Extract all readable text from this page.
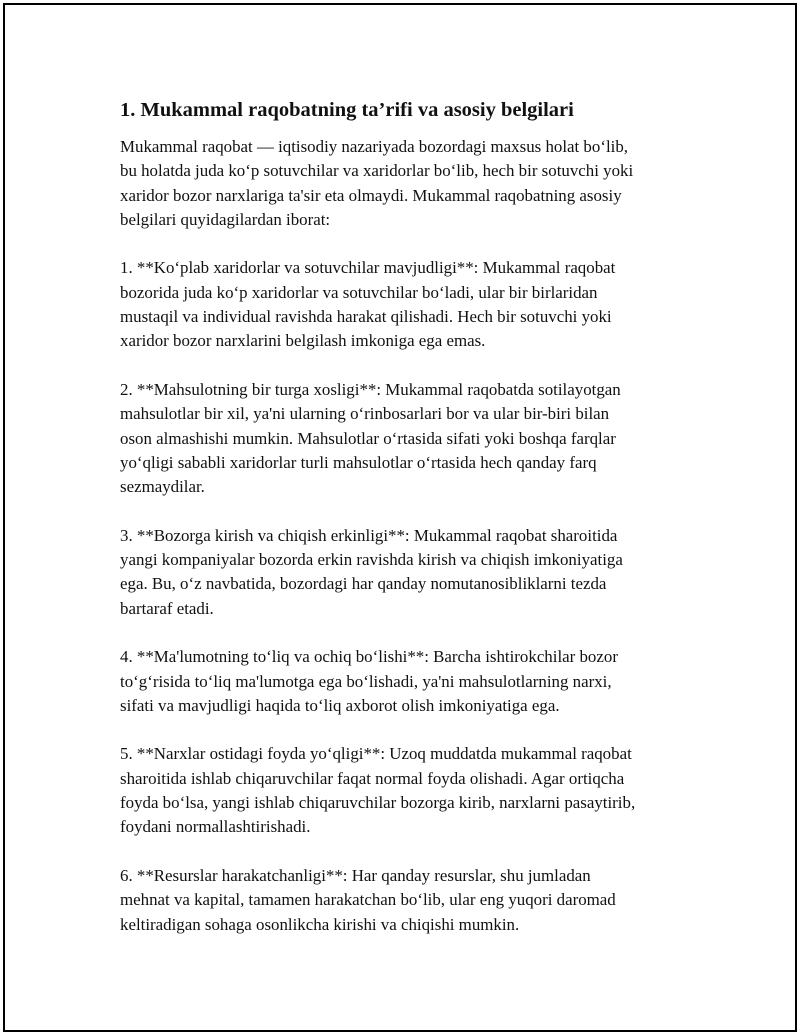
1. Mukammal raqobatning ta’rifi va asosiy belgilari

Mukammal raqobat — iqtisodiy nazariyada bozordagi maxsus holat bo‘lib,
bu holatda juda ko‘p sotuvchilar va xaridorlar bo‘lib, hech bir sotuvchi yoki
xaridor bozor narxlariga ta'sir eta olmaydi. Mukammal raqobatning asosiy
belgilari quyidagilardan iborat:

1. **Ko‘plab xaridorlar va sotuvchilar mavjudligi**: Mukammal raqobat
bozorida juda ko‘p xaridorlar va sotuvchilar bo‘ladi, ular bir birlaridan
mustaqil va individual ravishda harakat qilishadi. Hech bir sotuvchi yoki
xaridor bozor narxlarini belgilash imkoniga ega emas.

2. **Mahsulotning bir turga xosligi**: Mukammal raqobatda sotilayotgan
mahsulotlar bir xil, ya'ni ularning o‘rinbosarlari bor va ular bir-biri bilan
oson almashishi mumkin. Mahsulotlar o‘rtasida sifati yoki boshqa farqlar
yo‘qligi sababli xaridorlar turli mahsulotlar o‘rtasida hech qanday farq
sezmaydilar.

3. **Bozorga kirish va chiqish erkinligi**: Mukammal raqobat sharoitida
yangi kompaniyalar bozorda erkin ravishda kirish va chiqish imkoniyatiga
ega. Bu, o‘z navbatida, bozordagi har qanday nomutanosibliklarni tezda
bartaraf etadi.

4. **Ma'lumotning to‘liq va ochiq bo‘lishi**: Barcha ishtirokchilar bozor
to‘g‘risida to‘liq ma'lumotga ega bo‘lishadi, ya'ni mahsulotlarning narxi,
sifati va mavjudligi haqida to‘liq axborot olish imkoniyatiga ega.

5. **Narxlar ostidagi foyda yo‘qligi**: Uzoq muddatda mukammal raqobat
sharoitida ishlab chiqaruvchilar faqat normal foyda olishadi. Agar ortiqcha
foyda bo‘lsa, yangi ishlab chiqaruvchilar bozorga kirib, narxlarni pasaytirib,
foydani normallashtirishadi.

6. **Resurslar harakatchanligi**: Har qanday resurslar, shu jumladan
mehnat va kapital, tamamen harakatchan bo‘lib, ular eng yuqori daromad
keltiradigan sohaga osonlikcha kirishi va chiqishi mumkin.
